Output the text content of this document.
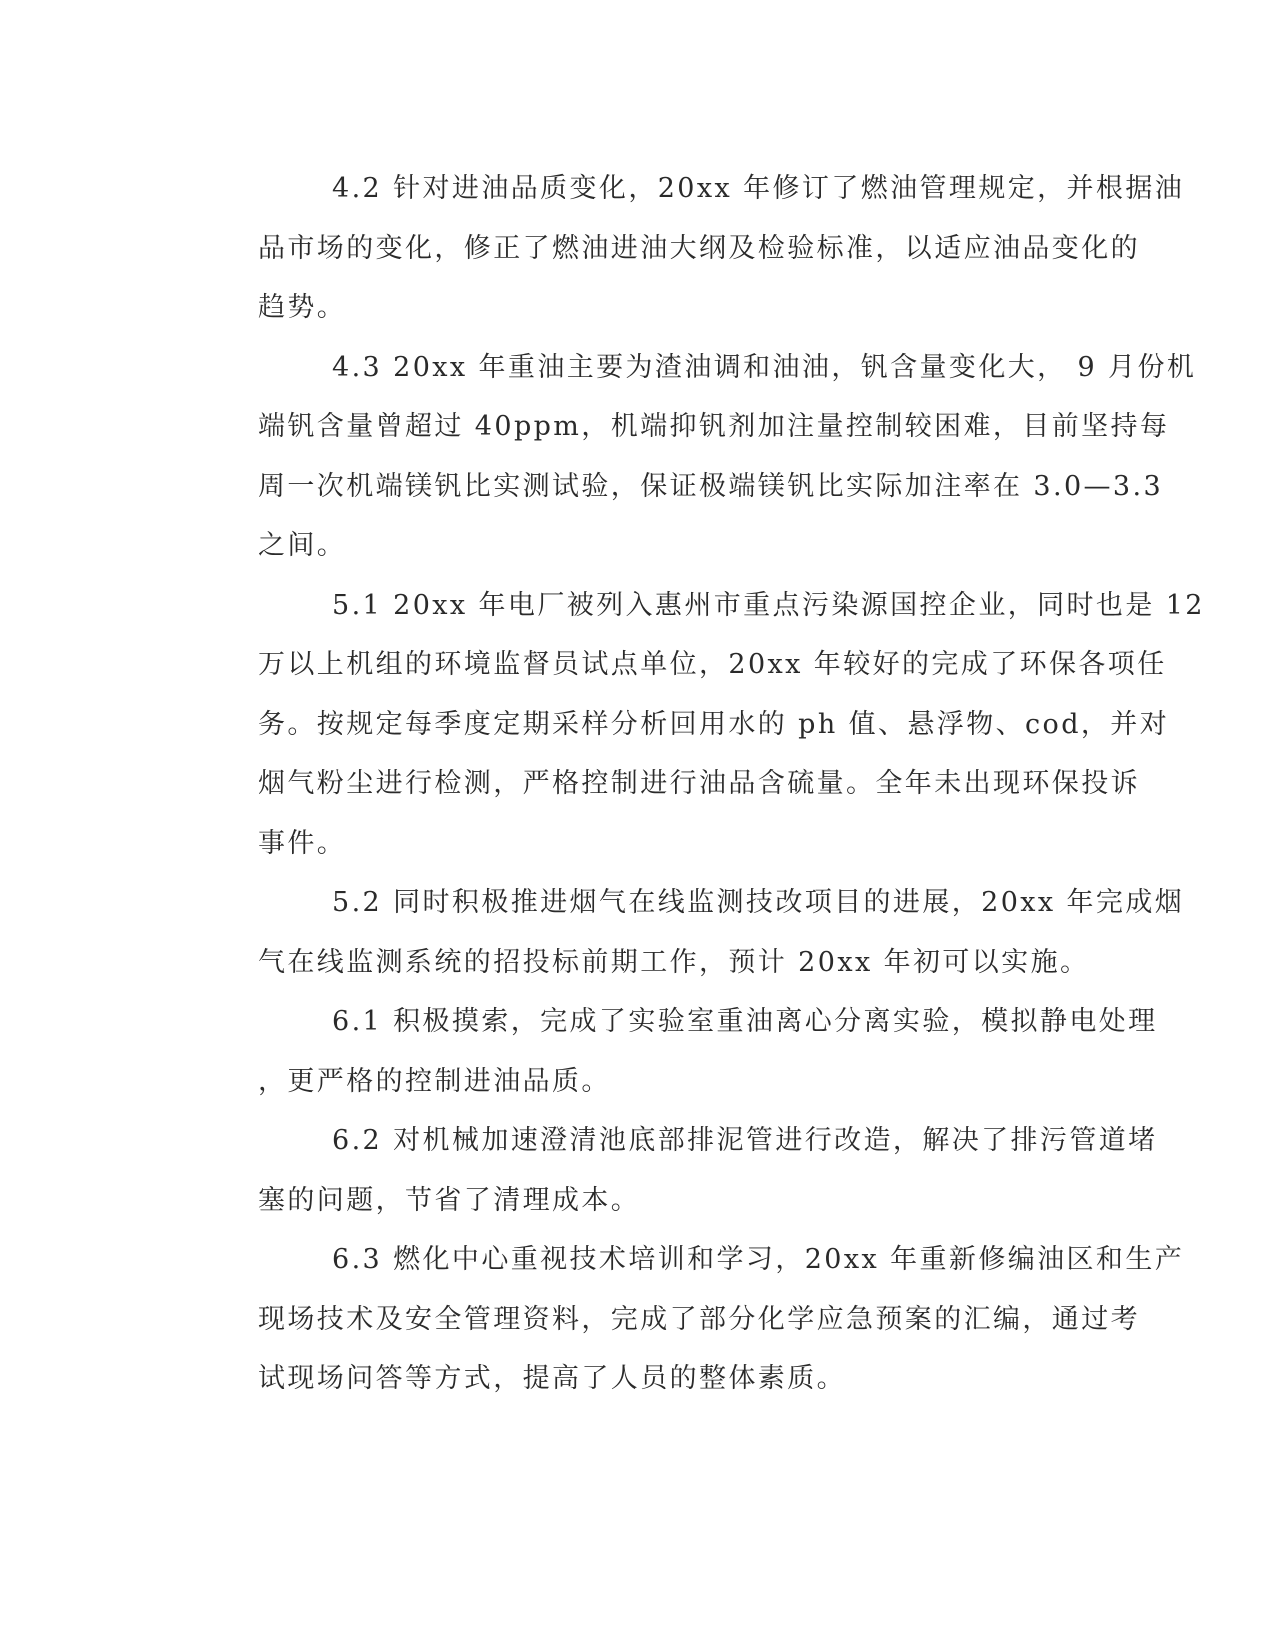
4.2 针对进油品质变化，20xx 年修订了燃油管理规定，并根据油
品市场的变化，修正了燃油进油大纲及检验标准，以适应油品变化的
趋势。

4.3 20xx 年重油主要为渣油调和油油，钒含量变化大， 9 月份机
端钒含量曾超过 40ppm，机端抑钒剂加注量控制较困难，目前坚持每
周一次机端镁钒比实测试验，保证极端镁钒比实际加注率在 3.0—3.3
之间。

5.1 20xx 年电厂被列入惠州市重点污染源国控企业，同时也是 12
万以上机组的环境监督员试点单位，20xx 年较好的完成了环保各项任
务。按规定每季度定期采样分析回用水的 ph 值、悬浮物、cod，并对
烟气粉尘进行检测，严格控制进行油品含硫量。全年未出现环保投诉
事件。

5.2 同时积极推进烟气在线监测技改项目的进展，20xx 年完成烟
气在线监测系统的招投标前期工作，预计 20xx 年初可以实施。

6.1 积极摸索，完成了实验室重油离心分离实验，模拟静电处理
，更严格的控制进油品质。

6.2 对机械加速澄清池底部排泥管进行改造，解决了排污管道堵
塞的问题，节省了清理成本。

6.3 燃化中心重视技术培训和学习，20xx 年重新修编油区和生产
现场技术及安全管理资料，完成了部分化学应急预案的汇编，通过考
试现场问答等方式，提高了人员的整体素质。
